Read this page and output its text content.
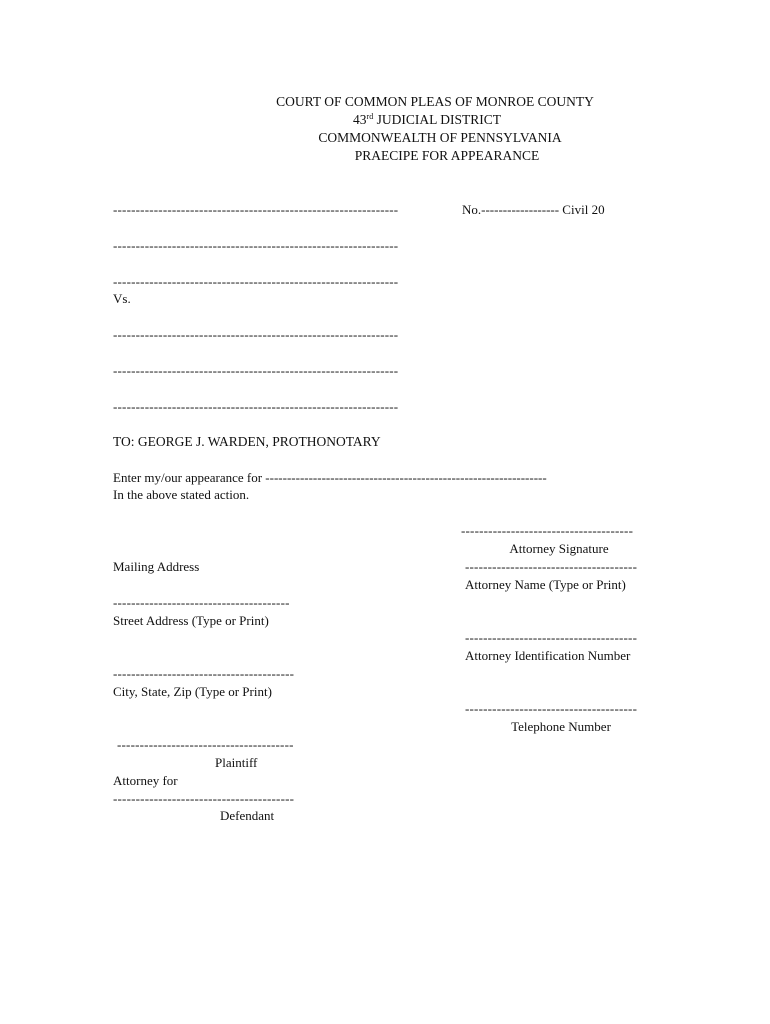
COURT OF COMMON PLEAS OF MONROE COUNTY
43rd JUDICIAL DISTRICT
COMMONWEALTH OF PENNSYLVANIA
PRAECIPE FOR APPEARANCE
---------------------------------------------------------------	No.------------------ Civil 20
---------------------------------------------------------------
---------------------------------------------------------------
Vs.
---------------------------------------------------------------
---------------------------------------------------------------
---------------------------------------------------------------
TO: GEORGE J. WARDEN, PROTHONOTARY
Enter my/our appearance for -----------------------------------------------------------------
In the above stated action.
--------------------------------------
Attorney Signature
--------------------------------------
Attorney Name (Type or Print)
--------------------------------------
Attorney Identification Number
--------------------------------------
Telephone Number
Mailing Address
---------------------------------------
Street Address (Type or Print)
----------------------------------------
City, State, Zip (Type or Print)
---------------------------------------
Plaintiff
Attorney for
----------------------------------------
Defendant
